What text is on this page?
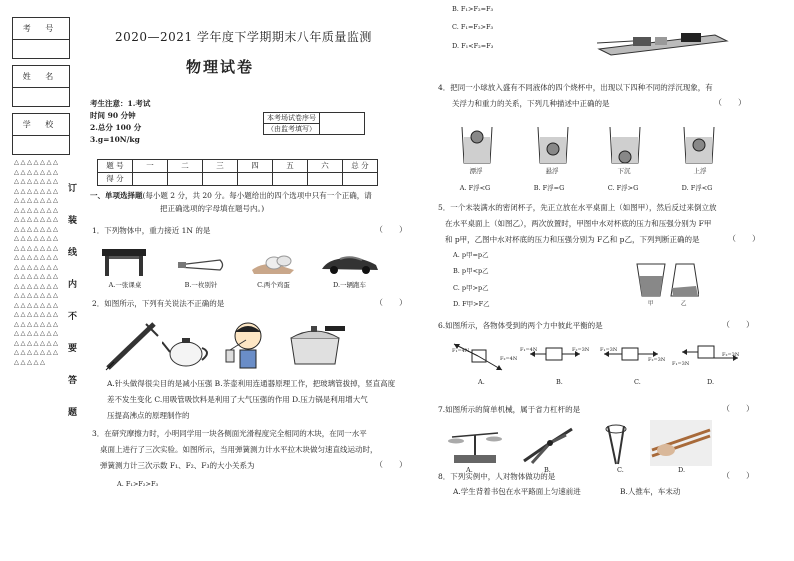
考 号
姓 名
学 校
△△△△△△△△△△△△△△△△△△△△△△△△△△△△△△△△△△△△△△△△△△△△△△△△△△△△△△△△△△△△△△△△△△△△△△△△△△△△△△△△△△△△△△△△△△△△△△△△△△△△△△△△△△△△△△△△△△△△△△△△△△△△△△△△△△△△△△△△△△△△△△△△△△△△△△△△
订
装
线
内
不
要
答
题
2020—2021 学年度下学期期末八年质量监测
物理试卷
考生注意：1.考试
时间 90 分钟
2.总分 100 分
3.g=10N/kg
本考场试卷序号	
（由监考填写）
题 号	一	二	三	四	五	六	总 分
得 分							
一、单项选择题(每小题 2 分，共 20 分。每小题给出的四个选项中只有一个正确，请
把正确选项的字母填在题号内。)
1．下列物体中，重力接近 1N 的是	（　　）
A.一张课桌	B.一枚别针	C.两个鸡蛋	D.一辆跑车
2．如图所示，下列有关说法不正确的是	（　　）
A.针头做得很尖目的是减小压强 B.茶壶利用连通器原理工作，把玻璃管拔掉，竖直高度
差不发生变化 C.用吸管吸饮料是利用了大气压强的作用 D.压力锅是利用增大气
压提高沸点的原理制作的
3．在研究摩擦力时，小明同学用一块各侧面光滑程度完全相同的木块，在同一水平
桌面上进行了三次实验。如图所示，当用弹簧测力计水平拉木块做匀速直线运动时，
弹簧测力计三次示数 F₁、F₂、F₃的大小关系为	（　　）
A. F₁>F₂>F₃
B. F₁>F₂=F₃
C. F₁=F₂>F₃
D. F₁<F₂=F₃
4．把同一小球放入盛有不同液体的四个烧杯中，出现以下四种不同的浮沉现象，有
关浮力和重力的关系，下列几种描述中正确的是	（　　）
漂浮	悬浮	下沉	上浮
A. F浮<G	B. F浮=G	C. F浮>G	D. F浮<G
5．一个未装满水的密闭杯子，先正立放在水平桌面上（如图甲），然后反过来倒立放
在水平桌面上（如图乙），两次放置时，甲图中水对杯底的压力和压强分别为 F甲
和 p甲，乙图中水对杯底的压力和压强分别为 F乙和 p乙，下列判断正确的是	（　　）
A. p甲=p乙
B. p甲<p乙
C. p甲>p乙
D. F甲>F乙	甲	乙
6.如图所示，各物体受到的两个力中彼此平衡的是	（　　）
F₁=4N
F₂=4N
F₁=4N	F₂=3N F₁=3N
F₂=3N
F₁=3N
F₂=3N
A.	B.	C.	D.
7.如图所示的简单机械，属于省力杠杆的是	（　　）
A.	B.	C.	D.
8．下列实例中，人对物体做功的是	（　　）
A.学生背着书包在水平路面上匀速前进	B.人推车，车未动
